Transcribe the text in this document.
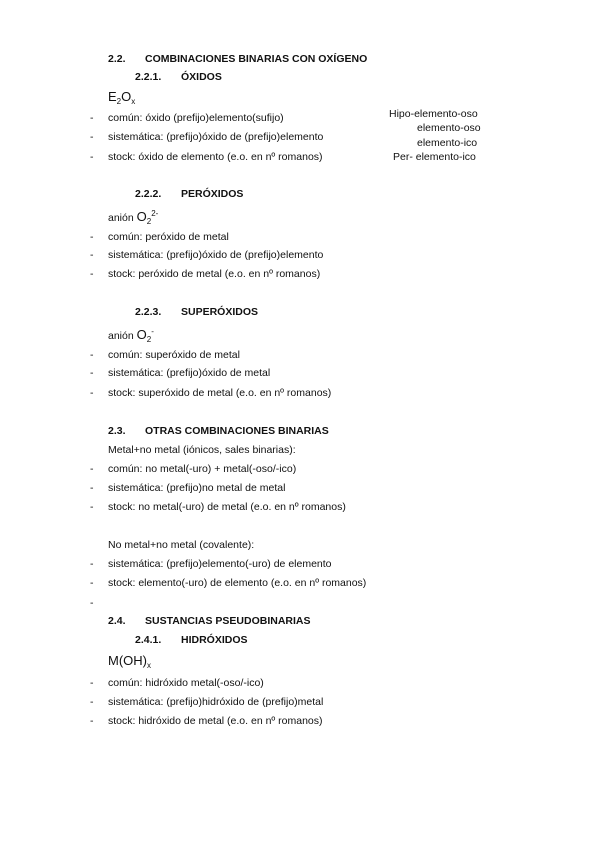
2.2. COMBINACIONES BINARIAS CON OXÍGENO
2.2.1. ÓXIDOS
$E_2O_x$
- común: óxido (prefijo)elemento(sufijo)
- sistemática: (prefijo)óxido de (prefijo)elemento
- stock: óxido de elemento (e.o. en nº romanos)
Hipo-elemento-oso
elemento-oso
elemento-ico
Per- elemento-ico
2.2.2. PERÓXIDOS
anión $O_2^{2-}$
- común: peróxido de metal
- sistemática: (prefijo)óxido de (prefijo)elemento
- stock: peróxido de metal (e.o. en nº romanos)
2.2.3. SUPERÓXIDOS
anión $O_2^-$
- común: superóxido de metal
- sistemática: (prefijo)óxido de metal
- stock: superóxido de metal (e.o. en nº romanos)
2.3. OTRAS COMBINACIONES BINARIAS
Metal+no metal (iónicos, sales binarias):
- común: no metal(-uro) + metal(-oso/-ico)
- sistemática: (prefijo)no metal de metal
- stock: no metal(-uro) de metal (e.o. en nº romanos)
No metal+no metal (covalente):
- sistemática: (prefijo)elemento(-uro) de elemento
- stock: elemento(-uro) de elemento (e.o. en nº romanos)
-
2.4. SUSTANCIAS PSEUDOBINARIAS
2.4.1. HIDRÓXIDOS
$M(OH)_x$
- común: hidróxido metal(-oso/-ico)
- sistemática: (prefijo)hidróxido de (prefijo)metal
- stock: hidróxido de metal (e.o. en nº romanos)
